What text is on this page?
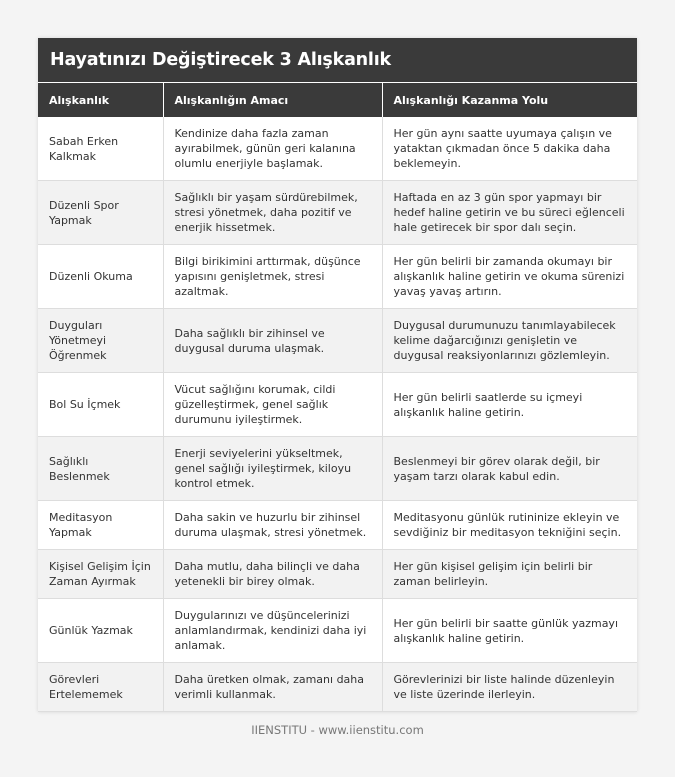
Hayatınızı Değiştirecek 3 Alışkanlık
Alışkanlık	Alışkanlığın Amacı	Alışkanlığı Kazanma Yolu
Sabah Erken Kalkmak	Kendinize daha fazla zaman ayırabilmek, günün geri kalanına olumlu enerjiyle başlamak.	Her gün aynı saatte uyumaya çalışın ve yataktan çıkmadan önce 5 dakika daha beklemeyin.
Düzenli Spor Yapmak	Sağlıklı bir yaşam sürdürebilmek, stresi yönetmek, daha pozitif ve enerjik hissetmek.	Haftada en az 3 gün spor yapmayı bir hedef haline getirin ve bu süreci eğlenceli hale getirecek bir spor dalı seçin.
Düzenli Okuma	Bilgi birikimini arttırmak, düşünce yapısını genişletmek, stresi azaltmak.	Her gün belirli bir zamanda okumayı bir alışkanlık haline getirin ve okuma sürenizi yavaş yavaş artırın.
Duyguları Yönetmeyi Öğrenmek	Daha sağlıklı bir zihinsel ve duygusal duruma ulaşmak.	Duygusal durumunuzu tanımlayabilecek kelime dağarcığınızı genişletin ve duygusal reaksiyonlarınızı gözlemleyin.
Bol Su İçmek	Vücut sağlığını korumak, cildi güzelleştirmek, genel sağlık durumunu iyileştirmek.	Her gün belirli saatlerde su içmeyi alışkanlık haline getirin.
Sağlıklı Beslenmek	Enerji seviyelerini yükseltmek, genel sağlığı iyileştirmek, kiloyu kontrol etmek.	Beslenmeyi bir görev olarak değil, bir yaşam tarzı olarak kabul edin.
Meditasyon Yapmak	Daha sakin ve huzurlu bir zihinsel duruma ulaşmak, stresi yönetmek.	Meditasyonu günlük rutininize ekleyin ve sevdiğiniz bir meditasyon tekniğini seçin.
Kişisel Gelişim İçin Zaman Ayırmak	Daha mutlu, daha bilinçli ve daha yetenekli bir birey olmak.	Her gün kişisel gelişim için belirli bir zaman belirleyin.
Günlük Yazmak	Duygularınızı ve düşüncelerinizi anlamlandırmak, kendinizi daha iyi anlamak.	Her gün belirli bir saatte günlük yazmayı alışkanlık haline getirin.
Görevleri Ertelememek	Daha üretken olmak, zamanı daha verimli kullanmak.	Görevlerinizi bir liste halinde düzenleyin ve liste üzerinde ilerleyin.
IIENSTITU - www.iienstitu.com
